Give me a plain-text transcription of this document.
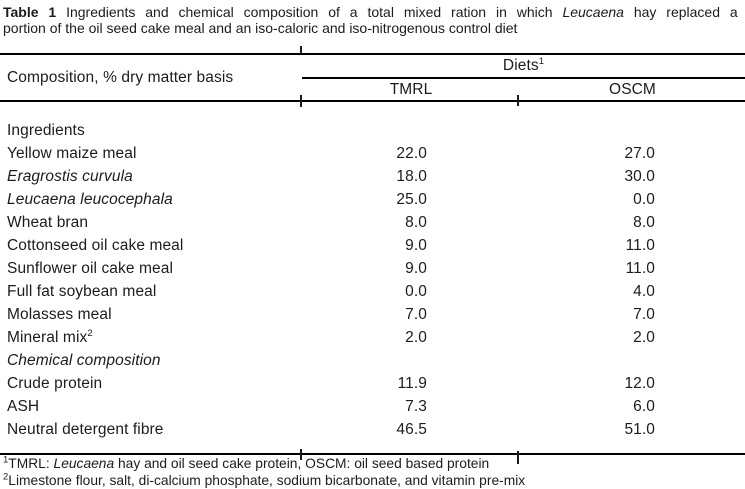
Table 1 Ingredients and chemical composition of a total mixed ration in which Leucaena hay replaced a
portion of the oil seed cake meal and an iso-caloric and iso-nitrogenous control diet
Composition, % dry matter basis	Diets$^1$
	TMRL	OSCM
Ingredients		
Yellow maize meal	22.0	27.0
Eragrostis curvula	18.0	30.0
Leucaena leucocephala	25.0	0.0
Wheat bran	8.0	8.0
Cottonseed oil cake meal	9.0	11.0
Sunflower oil cake meal	9.0	11.0
Full fat soybean meal	0.0	4.0
Molasses meal	7.0	7.0
Mineral mix$^2$	2.0	2.0
Chemical composition		
Crude protein	11.9	12.0
ASH	7.3	6.0
Neutral detergent fibre	46.5	51.0
$^1$TMRL: Leucaena hay and oil seed cake protein, OSCM: oil seed based protein
$^2$Limestone flour, salt, di-calcium phosphate, sodium bicarbonate, and vitamin pre-mix
